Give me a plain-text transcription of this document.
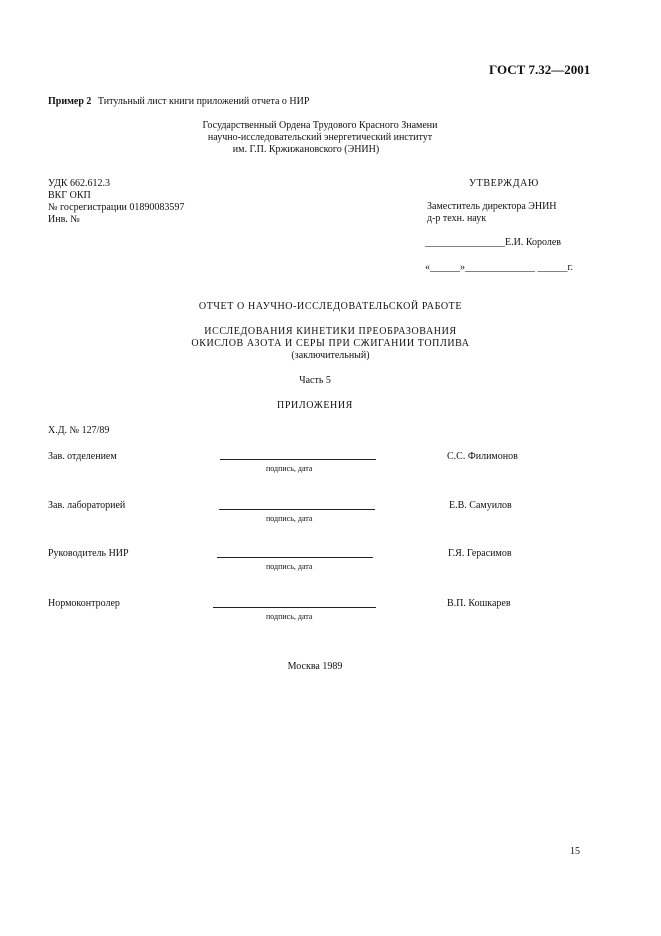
ГОСТ 7.32—2001
Пример 2 Титульный лист книги приложений отчета о НИР
Государственный Ордена Трудового Красного Знамени
научно-исследовательский энергетический институт
им. Г.П. Кржижановского (ЭНИН)
УДК 662.612.3
ВКГ ОКП
№ госрегистрации 01890083597
Инв. №
УТВЕРЖДАЮ
Заместитель директора ЭНИН
д-р техн. наук
________________Е.И. Королев
«______»______________ ______г.
ОТЧЕТ О НАУЧНО-ИССЛЕДОВАТЕЛЬСКОЙ РАБОТЕ
ИССЛЕДОВАНИЯ КИНЕТИКИ ПРЕОБРАЗОВАНИЯ
ОКИСЛОВ АЗОТА И СЕРЫ ПРИ СЖИГАНИИ ТОПЛИВА
(заключительный)
Часть 5
ПРИЛОЖЕНИЯ
Х.Д. № 127/89
Зав. отделением
подпись, дата
С.С. Филимонов
Зав. лабораторией
подпись, дата
Е.В. Самуилов
Руководитель НИР
подпись, дата
Г.Я. Герасимов
Нормоконтролер
подпись, дата
В.П. Кошкарев
Москва 1989
15
